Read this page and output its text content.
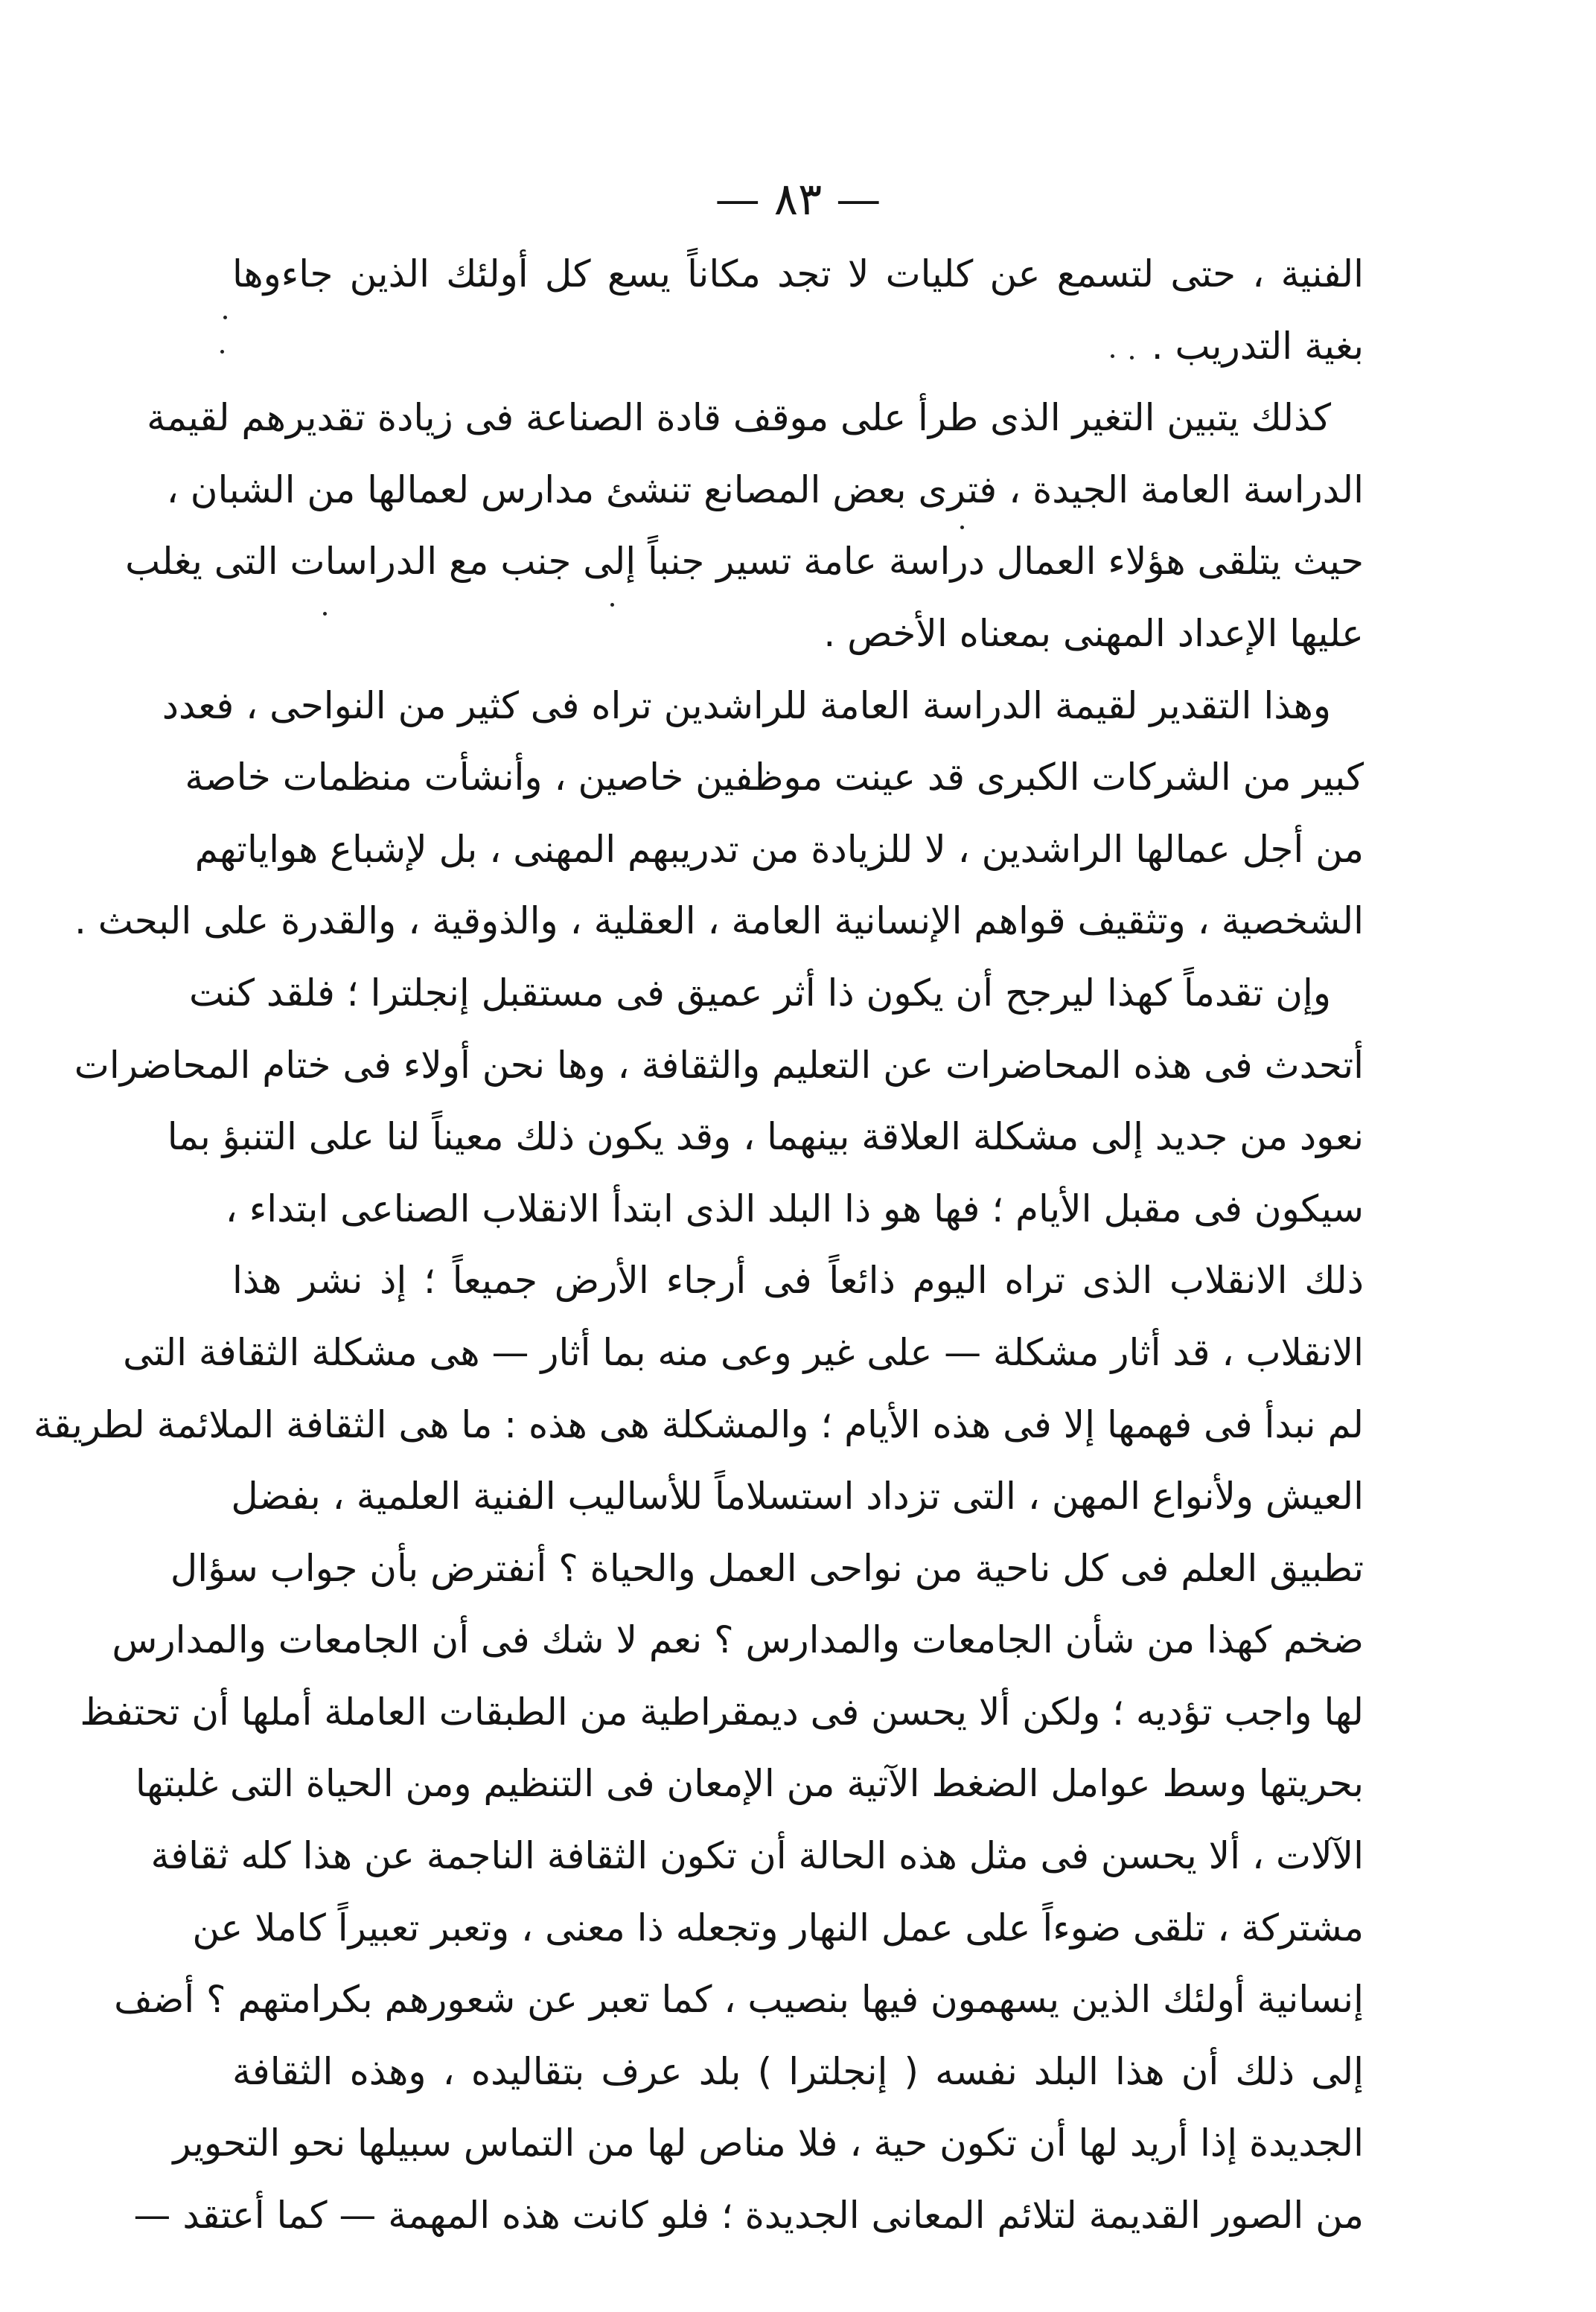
— ٨٣ —
الفنية ، حتى لتسمع عن كليات لا تجد مكاناً يسع كل أولئك الذين جاءوها
بغية التدريب .
كذلك يتبين التغير الذى طرأ على موقف قادة الصناعة فى زيادة تقديرهم لقيمة
الدراسة العامة الجيدة ، فترى بعض المصانع تنشئ مدارس لعمالها من الشبان ،
حيث يتلقى هؤلاء العمال دراسة عامة تسير جنباً إلى جنب مع الدراسات التى يغلب
عليها الإعداد المهنى بمعناه الأخص .
وهذا التقدير لقيمة الدراسة العامة للراشدين تراه فى كثير من النواحى ، فعدد
كبير من الشركات الكبرى قد عينت موظفين خاصين ، وأنشأت منظمات خاصة
من أجل عمالها الراشدين ، لا للزيادة من تدريبهم المهنى ، بل لإشباع هواياتهم
الشخصية ، وتثقيف قواهم الإنسانية العامة ، العقلية ، والذوقية ، والقدرة على البحث .
وإن تقدماً كهذا ليرجح أن يكون ذا أثر عميق فى مستقبل إنجلترا ؛ فلقد كنت
أتحدث فى هذه المحاضرات عن التعليم والثقافة ، وها نحن أولاء فى ختام المحاضرات
نعود من جديد إلى مشكلة العلاقة بينهما ، وقد يكون ذلك معيناً لنا على التنبؤ بما
سيكون فى مقبل الأيام ؛ فها هو ذا البلد الذى ابتدأ الانقلاب الصناعى ابتداء ،
ذلك الانقلاب الذى تراه اليوم ذائعاً فى أرجاء الأرض جميعاً ؛ إذ نشر هذا
الانقلاب ، قد أثار مشكلة — على غير وعى منه بما أثار — هى مشكلة الثقافة التى
لم نبدأ فى فهمها إلا فى هذه الأيام ؛ والمشكلة هى هذه : ما هى الثقافة الملائمة لطريقة
العيش ولأنواع المهن ، التى تزداد استسلاماً للأساليب الفنية العلمية ، بفضل
تطبيق العلم فى كل ناحية من نواحى العمل والحياة ؟ أنفترض بأن جواب سؤال
ضخم كهذا من شأن الجامعات والمدارس ؟ نعم لا شك فى أن الجامعات والمدارس
لها واجب تؤديه ؛ ولكن ألا يحسن فى ديمقراطية من الطبقات العاملة أملها أن تحتفظ
بحريتها وسط عوامل الضغط الآتية من الإمعان فى التنظيم ومن الحياة التى غلبتها
الآلات ، ألا يحسن فى مثل هذه الحالة أن تكون الثقافة الناجمة عن هذا كله ثقافة
مشتركة ، تلقى ضوءاً على عمل النهار وتجعله ذا معنى ، وتعبر تعبيراً كاملا عن
إنسانية أولئك الذين يسهمون فيها بنصيب ، كما تعبر عن شعورهم بكرامتهم ؟ أضف
إلى ذلك أن هذا البلد نفسه ( إنجلترا ) بلد عرف بتقاليده ، وهذه الثقافة
الجديدة إذا أريد لها أن تكون حية ، فلا مناص لها من التماس سبيلها نحو التحوير
من الصور القديمة لتلائم المعانى الجديدة ؛ فلو كانت هذه المهمة — كما أعتقد —
